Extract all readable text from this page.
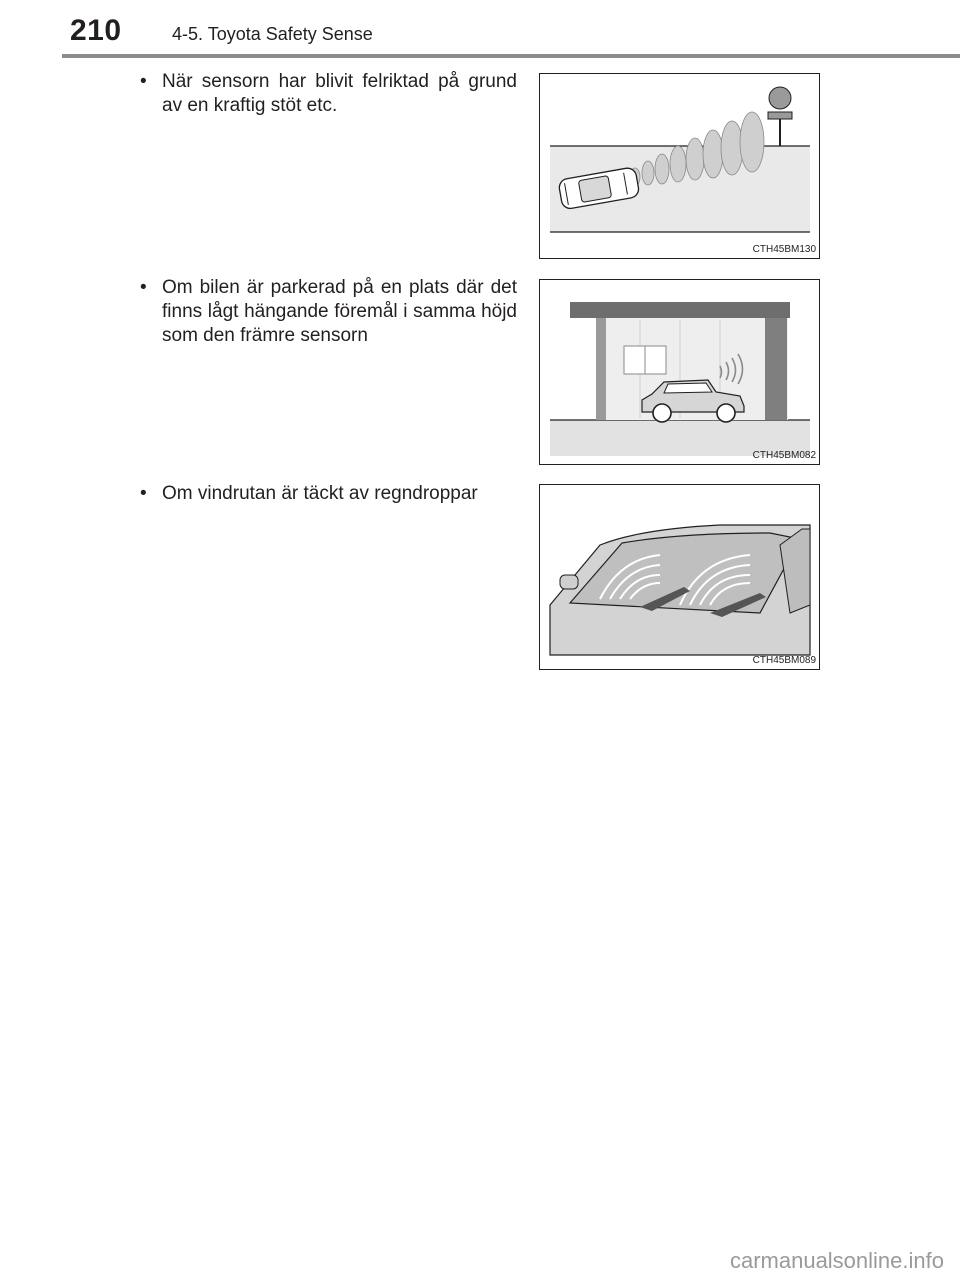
210	4-5. Toyota Safety Sense
• När sensorn har blivit felriktad på grund av en kraftig stöt etc.
CTH45BM130
• Om bilen är parkerad på en plats där det finns lågt hängande föremål i samma höjd som den främre sensorn
CTH45BM082
• Om vindrutan är täckt av regndroppar
CTH45BM089
carmanualsonline.info
